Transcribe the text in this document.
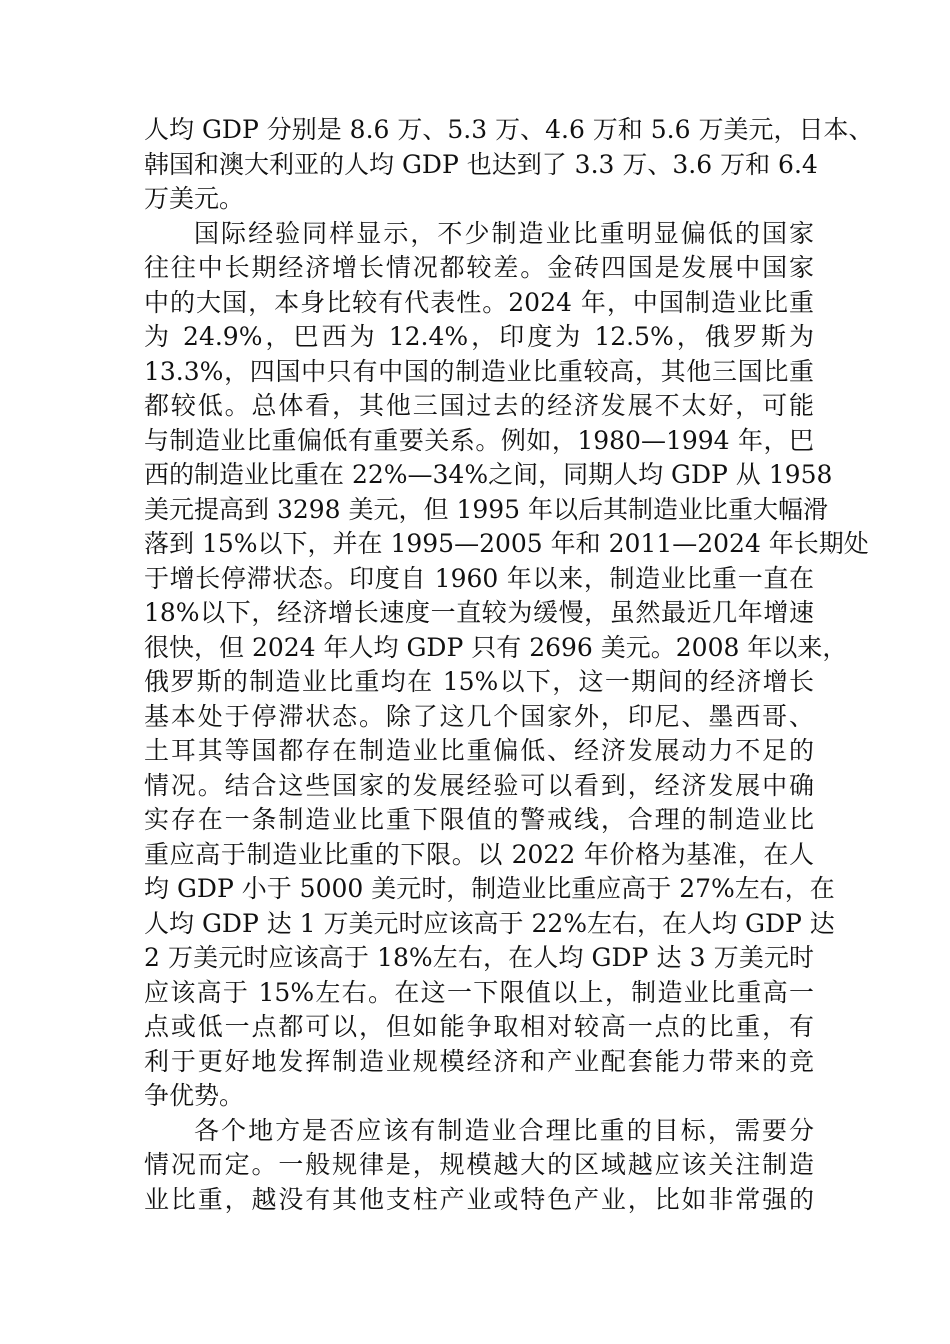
人均 GDP 分别是 8.6 万、5.3 万、4.6 万和 5.6 万美元，日本、
韩国和澳大利亚的人均 GDP 也达到了 3.3 万、3.6 万和 6.4
万美元。
国际经验同样显示，不少制造业比重明显偏低的国家
往往中长期经济增长情况都较差。金砖四国是发展中国家
中的大国，本身比较有代表性。2024 年，中国制造业比重
为 24.9%，巴西为 12.4%，印度为 12.5%，俄罗斯为
13.3%，四国中只有中国的制造业比重较高，其他三国比重
都较低。总体看，其他三国过去的经济发展不太好，可能
与制造业比重偏低有重要关系。例如，1980—1994 年，巴
西的制造业比重在 22%—34%之间，同期人均 GDP 从 1958
美元提高到 3298 美元，但 1995 年以后其制造业比重大幅滑
落到 15%以下，并在 1995—2005 年和 2011—2024 年长期处
于增长停滞状态。印度自 1960 年以来，制造业比重一直在
18%以下，经济增长速度一直较为缓慢，虽然最近几年增速
很快，但 2024 年人均 GDP 只有 2696 美元。2008 年以来，
俄罗斯的制造业比重均在 15%以下，这一期间的经济增长
基本处于停滞状态。除了这几个国家外，印尼、墨西哥、
土耳其等国都存在制造业比重偏低、经济发展动力不足的
情况。结合这些国家的发展经验可以看到，经济发展中确
实存在一条制造业比重下限值的警戒线，合理的制造业比
重应高于制造业比重的下限。以 2022 年价格为基准，在人
均 GDP 小于 5000 美元时，制造业比重应高于 27%左右，在
人均 GDP 达 1 万美元时应该高于 22%左右，在人均 GDP 达
2 万美元时应该高于 18%左右，在人均 GDP 达 3 万美元时
应该高于 15%左右。在这一下限值以上，制造业比重高一
点或低一点都可以，但如能争取相对较高一点的比重，有
利于更好地发挥制造业规模经济和产业配套能力带来的竞
争优势。
各个地方是否应该有制造业合理比重的目标，需要分
情况而定。一般规律是，规模越大的区域越应该关注制造
业比重，越没有其他支柱产业或特色产业，比如非常强的
